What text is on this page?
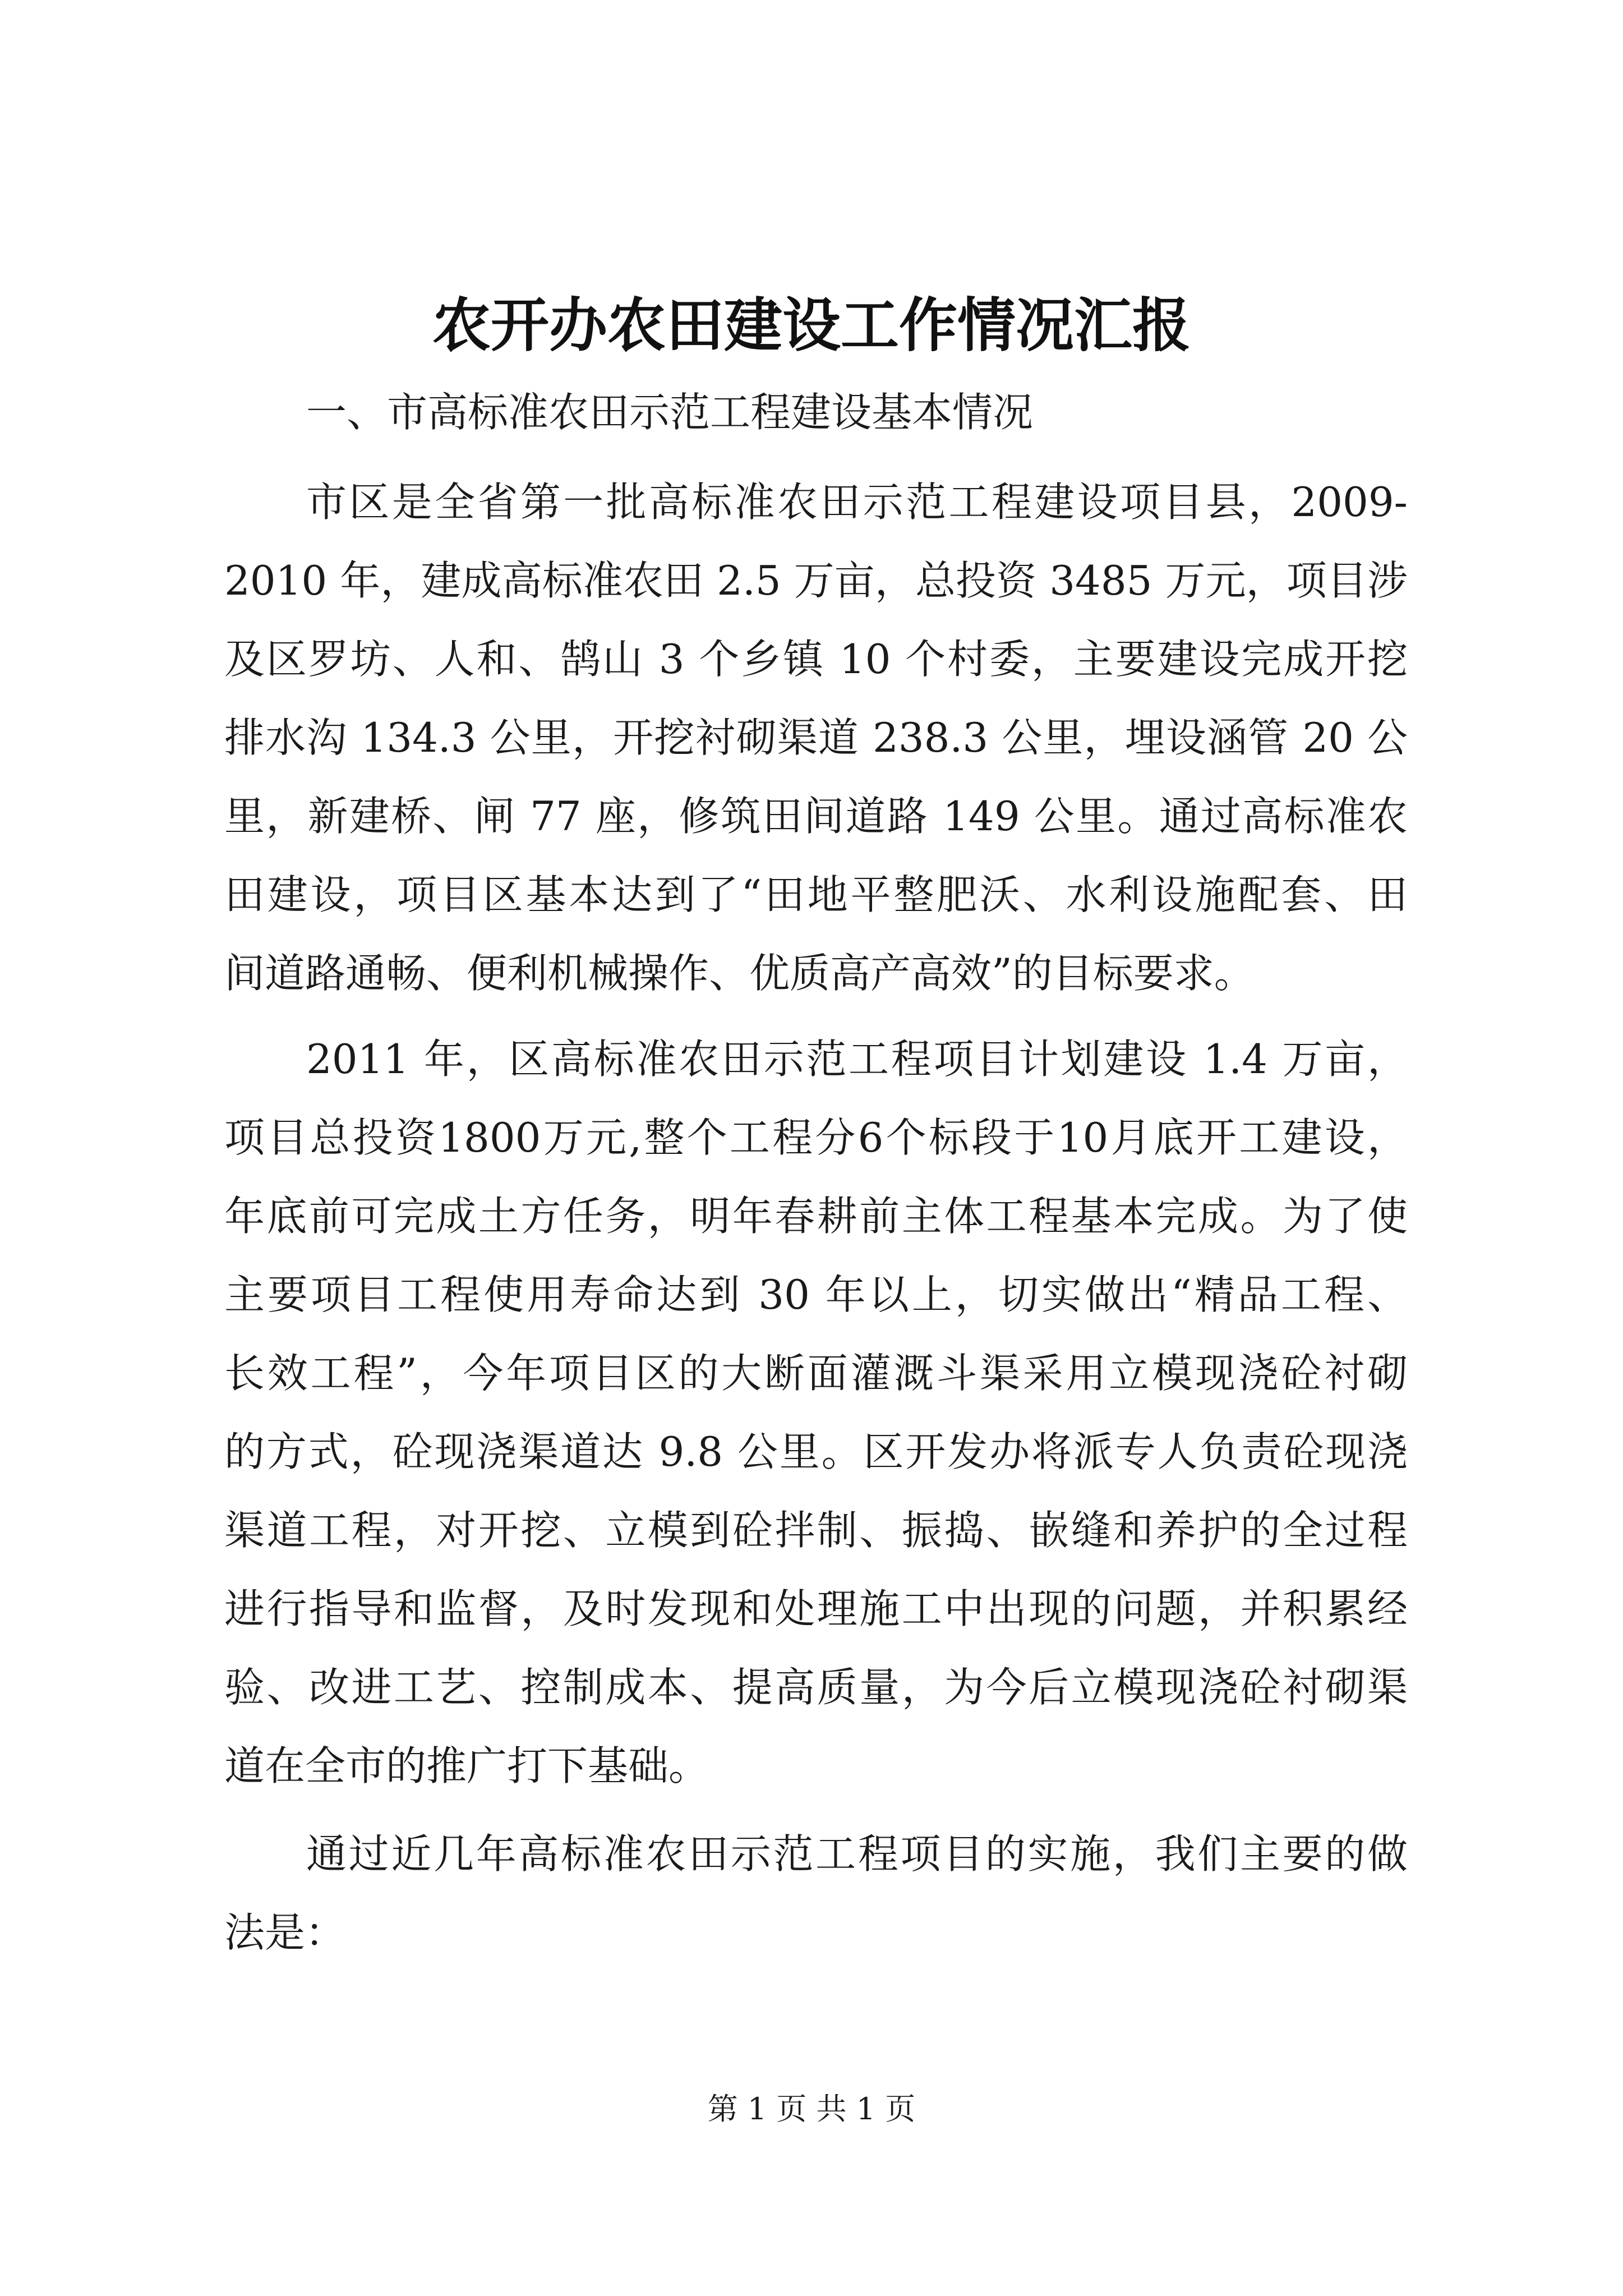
农开办农田建设工作情况汇报
一、市高标准农田示范工程建设基本情况
市区是全省第一批高标准农田示范工程建设项目县，2009-
2010 年，建成高标准农田 2.5 万亩，总投资 3485 万元，项目涉
及区罗坊、人和、鹄山 3 个乡镇 10 个村委，主要建设完成开挖
排水沟 134.3 公里，开挖衬砌渠道 238.3 公里，埋设涵管 20 公
里，新建桥、闸 77 座，修筑田间道路 149 公里。通过高标准农
田建设，项目区基本达到了“田地平整肥沃、水利设施配套、田
间道路通畅、便利机械操作、优质高产高效”的目标要求。
2011 年，区高标准农田示范工程项目计划建设 1.4 万亩，
项目总投资1800万元,整个工程分6个标段于10月底开工建设，
年底前可完成土方任务，明年春耕前主体工程基本完成。为了使
主要项目工程使用寿命达到 30 年以上，切实做出“精品工程、
长效工程”，今年项目区的大断面灌溉斗渠采用立模现浇砼衬砌
的方式，砼现浇渠道达 9.8 公里。区开发办将派专人负责砼现浇
渠道工程，对开挖、立模到砼拌制、振捣、嵌缝和养护的全过程
进行指导和监督，及时发现和处理施工中出现的问题，并积累经
验、改进工艺、控制成本、提高质量，为今后立模现浇砼衬砌渠
道在全市的推广打下基础。
通过近几年高标准农田示范工程项目的实施，我们主要的做
法是：
第 1 页 共 1 页
